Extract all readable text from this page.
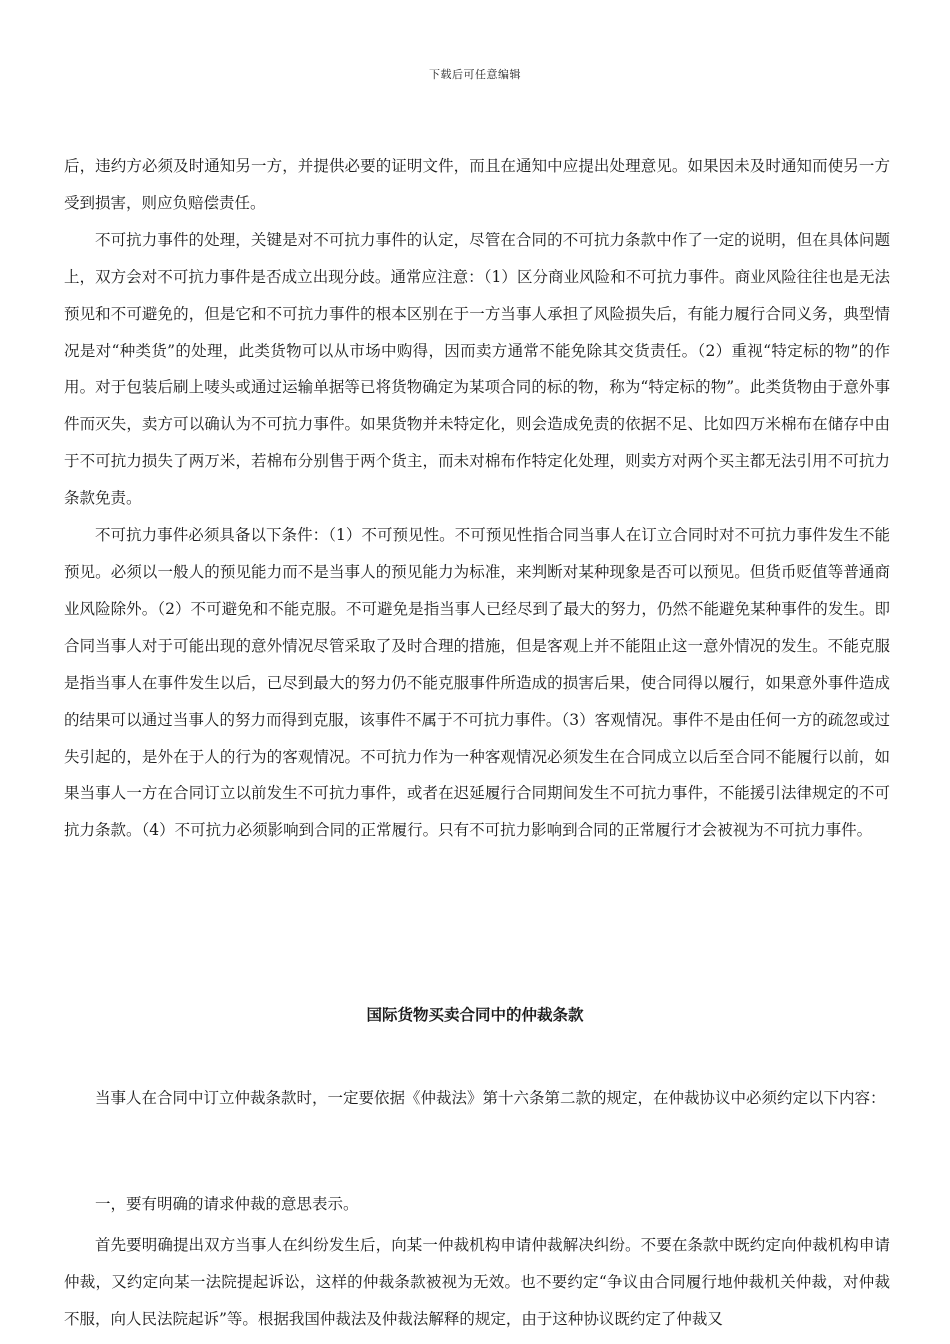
下载后可任意编辑

后，违约方必须及时通知另一方，并提供必要的证明文件，而且在通知中应提出处理意见。如果因未及时通知而使另一方受到损害，则应负赔偿责任。

不可抗力事件的处理，关键是对不可抗力事件的认定，尽管在合同的不可抗力条款中作了一定的说明，但在具体问题上，双方会对不可抗力事件是否成立出现分歧。通常应注意：（1）区分商业风险和不可抗力事件。商业风险往往也是无法预见和不可避免的，但是它和不可抗力事件的根本区别在于一方当事人承担了风险损失后，有能力履行合同义务，典型情况是对“种类货”的处理，此类货物可以从市场中购得，因而卖方通常不能免除其交货责任。（2）重视“特定标的物”的作用。对于包装后刷上唛头或通过运输单据等已将货物确定为某项合同的标的物，称为“特定标的物”。此类货物由于意外事件而灭失，卖方可以确认为不可抗力事件。如果货物并未特定化，则会造成免责的依据不足、比如四万米棉布在储存中由于不可抗力损失了两万米，若棉布分别售于两个货主，而未对棉布作特定化处理，则卖方对两个买主都无法引用不可抗力条款免责。

不可抗力事件必须具备以下条件：（1）不可预见性。不可预见性指合同当事人在订立合同时对不可抗力事件发生不能预见。必须以一般人的预见能力而不是当事人的预见能力为标准，来判断对某种现象是否可以预见。但货币贬值等普通商业风险除外。（2）不可避免和不能克服。不可避免是指当事人已经尽到了最大的努力，仍然不能避免某种事件的发生。即合同当事人对于可能出现的意外情况尽管采取了及时合理的措施，但是客观上并不能阻止这一意外情况的发生。不能克服是指当事人在事件发生以后，已尽到最大的努力仍不能克服事件所造成的损害后果，使合同得以履行，如果意外事件造成的结果可以通过当事人的努力而得到克服，该事件不属于不可抗力事件。（3）客观情况。事件不是由任何一方的疏忽或过失引起的，是外在于人的行为的客观情况。不可抗力作为一种客观情况必须发生在合同成立以后至合同不能履行以前，如果当事人一方在合同订立以前发生不可抗力事件，或者在迟延履行合同期间发生不可抗力事件，不能援引法律规定的不可抗力条款。（4）不可抗力必须影响到合同的正常履行。只有不可抗力影响到合同的正常履行才会被视为不可抗力事件。

国际货物买卖合同中的仲裁条款

当事人在合同中订立仲裁条款时，一定要依据《仲裁法》第十六条第二款的规定，在仲裁协议中必须约定以下内容：

一，要有明确的请求仲裁的意思表示。

首先要明确提出双方当事人在纠纷发生后，向某一仲裁机构申请仲裁解决纠纷。不要在条款中既约定向仲裁机构申请仲裁，又约定向某一法院提起诉讼，这样的仲裁条款被视为无效。也不要约定“争议由合同履行地仲裁机关仲裁，对仲裁不服，向人民法院起诉”等。根据我国仲裁法及仲裁法解释的规定，由于这种协议既约定了仲裁又
